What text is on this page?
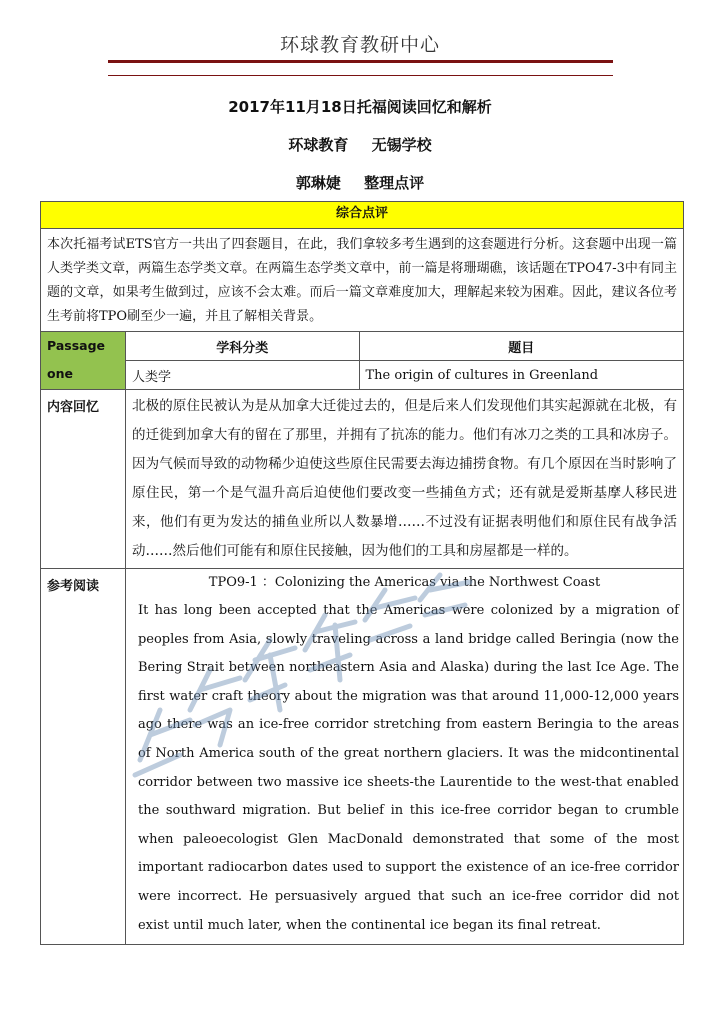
环球教育教研中心
2017年11月18日托福阅读回忆和解析
环球教育 无锡学校
郭琳婕 整理点评
综合点评		
本次托福考试ETS官方一共出了四套题目，在此，我们拿较多考生遇到的这套题进行分析。这套题中出现一篇人类学类文章，两篇生态学类文章。在两篇生态学类文章中，前一篇是将珊瑚礁，该话题在TPO47-3中有同主题的文章，如果考生做到过，应该不会太难。而后一篇文章难度加大，理解起来较为困难。因此，建议各位考生考前将TPO刷至少一遍，并且了解相关背景。		
Passage one	学科分类	题目
	人类学	The origin of cultures in Greenland
内容回忆	北极的原住民被认为是从加拿大迁徙过去的，但是后来人们发现他们其实起源就在北极，有的迁徙到加拿大有的留在了那里，并拥有了抗冻的能力。他们有冰刀之类的工具和冰房子。因为气候而导致的动物稀少迫使这些原住民需要去海边捕捞食物。有几个原因在当时影响了原住民，第一个是气温升高后迫使他们要改变一些捕鱼方式；还有就是爱斯基摩人移民进来，他们有更为发达的捕鱼业所以人数暴增……不过没有证据表明他们和原住民有战争活动……然后他们可能有和原住民接触，因为他们的工具和房屋都是一样的。	
参考阅读	TPO9-1 ：Colonizing the Americas via the Northwest Coast
It has long been accepted that the Americas were colonized by a migration of peoples from Asia, slowly traveling across a land bridge called Beringia (now the Bering Strait between northeastern Asia and Alaska) during the last Ice Age. The first water craft theory about the migration was that around 11,000-12,000 years ago there was an ice-free corridor stretching from eastern Beringia to the areas of North America south of the great northern glaciers. It was the midcontinental corridor between two massive ice sheets-the Laurentide to the west-that enabled the southward migration. But belief in this ice-free corridor began to crumble when paleoecologist Glen MacDonald demonstrated that some of the most important radiocarbon dates used to support the existence of an ice-free corridor were incorrect. He persuasively argued that such an ice-free corridor did not exist until much later, when the continental ice began its final retreat.	
